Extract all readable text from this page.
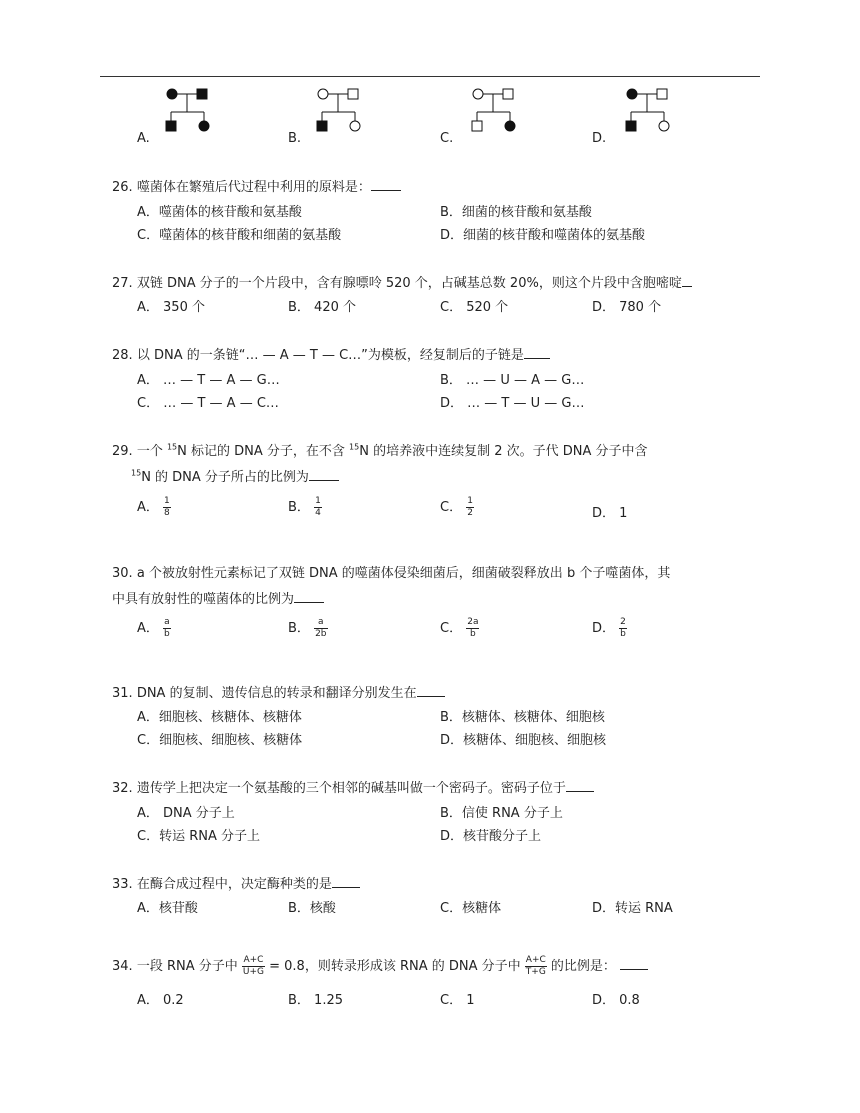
A.	B.	C.	D.
26. 噬菌体在繁殖后代过程中利用的原料是：
A．噬菌体的核苷酸和氨基酸	B．细菌的核苷酸和氨基酸
C．噬菌体的核苷酸和细菌的氨基酸	D．细菌的核苷酸和噬菌体的氨基酸
27. 双链 DNA 分子的一个片段中，含有腺嘌呤 520 个，占碱基总数 20%，则这个片段中含胞嘧啶
A． 350 个	B． 420 个	C． 520 个	D． 780 个
28. 以 DNA 的一条链“… — A — T — C…”为模板，经复制后的子链是
A． … — T — A — G…	B． … — U — A — G…
C． … — T — A — C…	D． … — T — U — G…
29. 一个 $^{15}$N 标记的 DNA 分子，在不含 $^{15}$N 的培养液中连续复制 2 次。子代 DNA 分子中含
$^{15}$N 的 DNA 分子所占的比例为
A． $\frac{1}{8}$	B． $\frac{1}{4}$	C． $\frac{1}{2}$	D． 1
30. a 个被放射性元素标记了双链 DNA 的噬菌体侵染细菌后，细菌破裂释放出 b 个子噬菌体，其
中具有放射性的噬菌体的比例为
A． $\frac{a}{b}$	B． $\frac{a}{2b}$	C． $\frac{2a}{b}$	D． $\frac{2}{b}$
31. DNA 的复制、遗传信息的转录和翻译分别发生在
A．细胞核、核糖体、核糖体	B．核糖体、核糖体、细胞核
C．细胞核、细胞核、核糖体	D．核糖体、细胞核、细胞核
32. 遗传学上把决定一个氨基酸的三个相邻的碱基叫做一个密码子。密码子位于
A． DNA 分子上	B．信使 RNA 分子上
C．转运 RNA 分子上	D．核苷酸分子上
33. 在酶合成过程中，决定酶种类的是
A．核苷酸	B．核酸	C．核糖体	D．转运 RNA
34. 一段 RNA 分子中 $\frac{A+C}{U+G} = 0.8$，则转录形成该 RNA 的 DNA 分子中 $\frac{A+C}{T+G}$ 的比例是：
A． 0.2	B． 1.25	C． 1	D． 0.8
